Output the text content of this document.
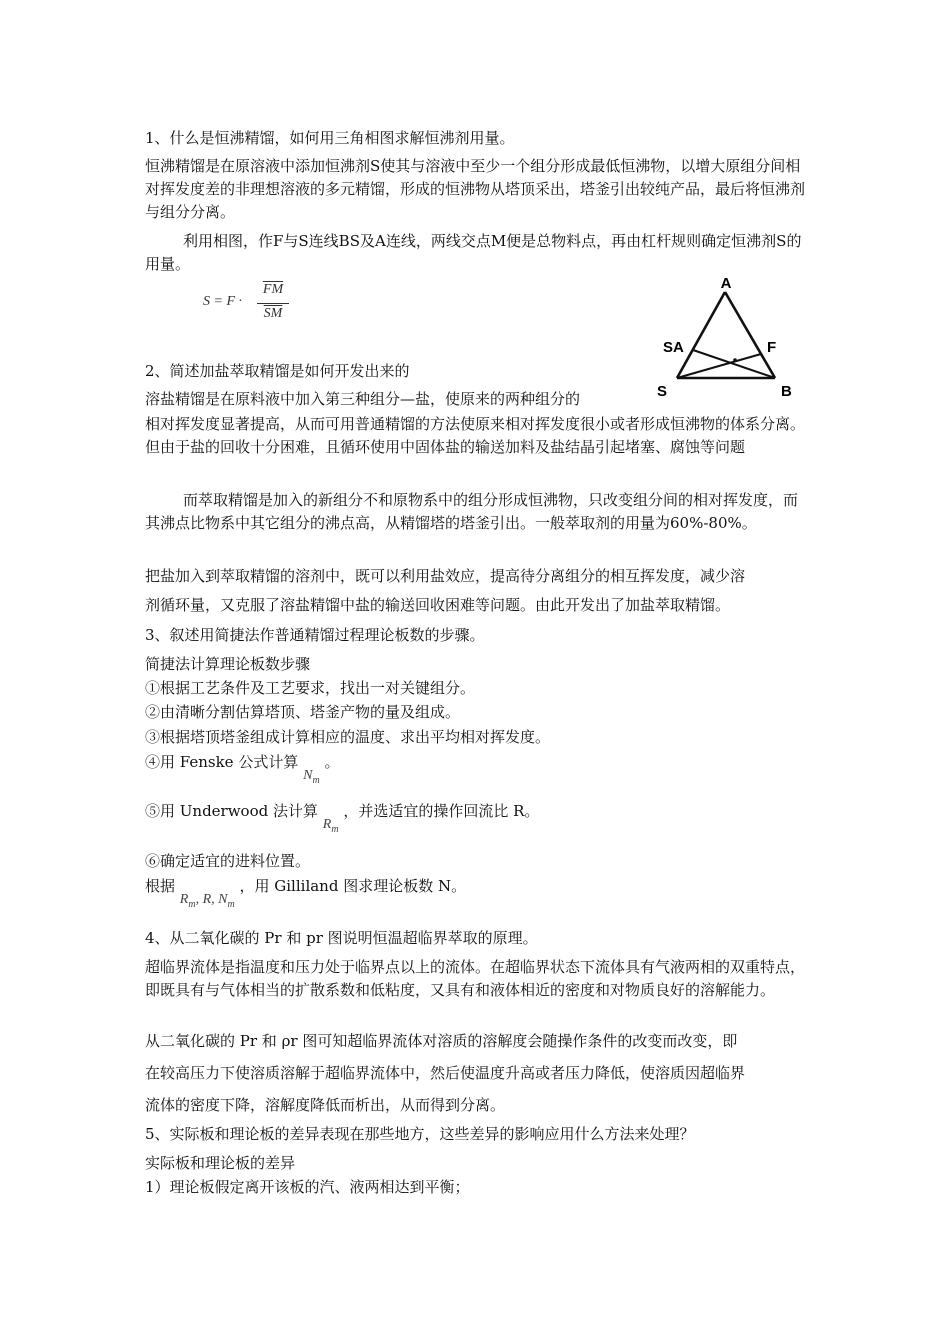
1、什么是恒沸精馏，如何用三角相图求解恒沸剂用量。

恒沸精馏是在原溶液中添加恒沸剂S使其与溶液中至少一个组分形成最低恒沸物，以增大原组分间相对挥发度差的非理想溶液的多元精馏，形成的恒沸物从塔顶采出，塔釜引出较纯产品，最后将恒沸剂与组分分离。

利用相图，作F与S连线BS及A连线，两线交点M便是总物料点，再由杠杆规则确定恒沸剂S的用量。

S = F ·
$\overline{FM}$
$\overline{SM}$
A
SA	F
S	B

2、简述加盐萃取精馏是如何开发出来的

溶盐精馏是在原料液中加入第三种组分—盐，使原来的两种组分的

相对挥发度显著提高，从而可用普通精馏的方法使原来相对挥发度很小或者形成恒沸物的体系分离。但由于盐的回收十分困难，且循环使用中固体盐的输送加料及盐结晶引起堵塞、腐蚀等问题

而萃取精馏是加入的新组分不和原物系中的组分形成恒沸物，只改变组分间的相对挥发度，而其沸点比物系中其它组分的沸点高，从精馏塔的塔釜引出。一般萃取剂的用量为60%-80%。

把盐加入到萃取精馏的溶剂中，既可以利用盐效应，提高待分离组分的相互挥发度，减少溶

剂循环量，又克服了溶盐精馏中盐的输送回收困难等问题。由此开发出了加盐萃取精馏。

3、叙述用简捷法作普通精馏过程理论板数的步骤。

简捷法计算理论板数步骤

①根据工艺条件及工艺要求，找出一对关键组分。

②由清晰分割估算塔顶、塔釜产物的量及组成。

③根据塔顶塔釜组成计算相应的温度、求出平均相对挥发度。

④用 Fenske 公式计算 $N_m$ 。

⑤用 Underwood 法计算 $R_m$ ，并选适宜的操作回流比 R。

⑥确定适宜的进料位置。

根据 $R_m$, R, $N_m$ ，用 Gilliland 图求理论板数 N。

4、从二氧化碳的 Pr 和 pr 图说明恒温超临界萃取的原理。

超临界流体是指温度和压力处于临界点以上的流体。在超临界状态下流体具有气液两相的双重特点，即既具有与气体相当的扩散系数和低粘度，又具有和液体相近的密度和对物质良好的溶解能力。

从二氧化碳的 Pr 和 ρr 图可知超临界流体对溶质的溶解度会随操作条件的改变而改变，即

在较高压力下使溶质溶解于超临界流体中，然后使温度升高或者压力降低，使溶质因超临界

流体的密度下降，溶解度降低而析出，从而得到分离。

5、实际板和理论板的差异表现在那些地方，这些差异的影响应用什么方法来处理？

实际板和理论板的差异

1）理论板假定离开该板的汽、液两相达到平衡；
